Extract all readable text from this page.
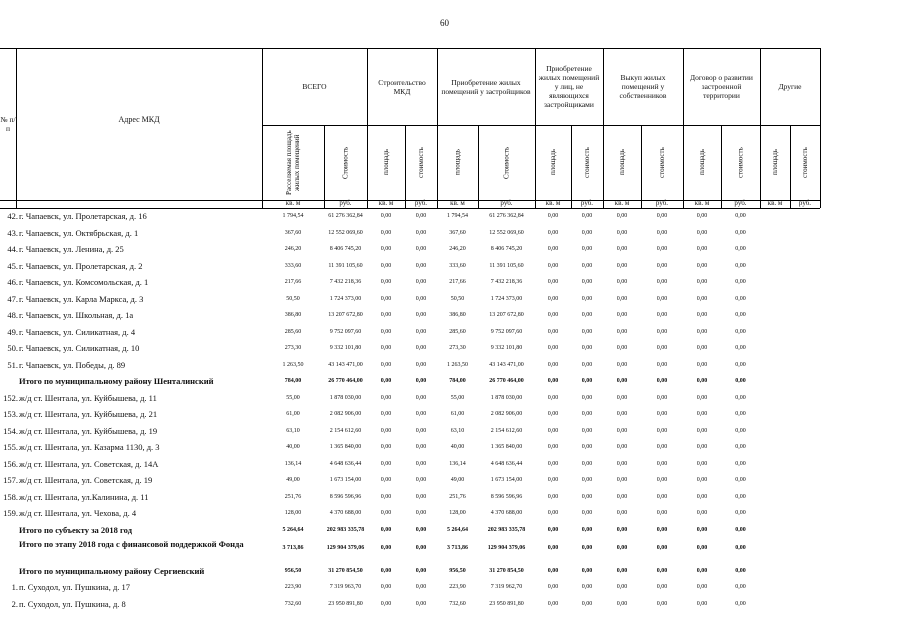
60
№ п/п
Адрес МКД
ВСЕГО	Строительство МКД
Приобретение жилых помещений у застройщиков
Приобретение жилых помещений у лиц, не являющихся застройщиками
Выкуп жилых помещений у собственников
Договор о развитии застроенной территории
Другие
Расселяемая площадь жилых помещений	Стоимость	площадь	стоимость	площадь	Стоимость	площадь	стоимость	площадь	стоимость	площадь	стоимость	площадь	стоимость
кв. м	руб.	кв. м	руб.	кв. м	руб.	кв. м	руб.	кв. м	руб.	кв. м	руб.	кв. м	руб.
42. г. Чапаевск, ул. Пролетарская, д. 16	1 794,54	61 276 362,84	0,00	0,00	1 794,54	61 276 362,84	0,00	0,00	0,00	0,00	0,00	0,00
43. г. Чапаевск, ул. Октябрьская, д. 1	367,60	12 552 069,60	0,00	0,00	367,60	12 552 069,60	0,00	0,00	0,00	0,00	0,00	0,00
44. г. Чапаевск, ул. Ленина, д. 25	246,20	8 406 745,20	0,00	0,00	246,20	8 406 745,20	0,00	0,00	0,00	0,00	0,00	0,00
45. г. Чапаевск, ул. Пролетарская, д. 2	333,60	11 391 105,60	0,00	0,00	333,60	11 391 105,60	0,00	0,00	0,00	0,00	0,00	0,00
46. г. Чапаевск, ул. Комсомольская, д. 1	217,66	7 432 218,36	0,00	0,00	217,66	7 432 218,36	0,00	0,00	0,00	0,00	0,00	0,00
47. г. Чапаевск, ул. Карла Маркса, д. 3	50,50	1 724 373,00	0,00	0,00	50,50	1 724 373,00	0,00	0,00	0,00	0,00	0,00	0,00
48. г. Чапаевск, ул. Школьная, д. 1а	386,80	13 207 672,80	0,00	0,00	386,80	13 207 672,80	0,00	0,00	0,00	0,00	0,00	0,00
49. г. Чапаевск, ул. Силикатная, д. 4	285,60	9 752 097,60	0,00	0,00	285,60	9 752 097,60	0,00	0,00	0,00	0,00	0,00	0,00
50. г. Чапаевск, ул. Силикатная, д. 10	273,30	9 332 101,80	0,00	0,00	273,30	9 332 101,80	0,00	0,00	0,00	0,00	0,00	0,00
51. г. Чапаевск, ул. Победы, д. 89	1 263,50	43 143 471,00	0,00	0,00	1 263,50	43 143 471,00	0,00	0,00	0,00	0,00	0,00	0,00
Итого по муниципальному району Шенталинский	784,00	26 770 464,00	0,00	0,00	784,00	26 770 464,00	0,00	0,00	0,00	0,00	0,00	0,00
152. ж/д ст. Шентала, ул. Куйбышева, д. 11	55,00	1 878 030,00	0,00	0,00	55,00	1 878 030,00	0,00	0,00	0,00	0,00	0,00	0,00
153. ж/д ст. Шентала, ул. Куйбышева, д. 21	61,00	2 082 906,00	0,00	0,00	61,00	2 082 906,00	0,00	0,00	0,00	0,00	0,00	0,00
154. ж/д ст. Шентала, ул. Куйбышева, д. 19	63,10	2 154 612,60	0,00	0,00	63,10	2 154 612,60	0,00	0,00	0,00	0,00	0,00	0,00
155. ж/д ст. Шентала, ул. Казарма 1130, д. 3	40,00	1 365 840,00	0,00	0,00	40,00	1 365 840,00	0,00	0,00	0,00	0,00	0,00	0,00
156. ж/д ст. Шентала, ул. Советская, д. 14А	136,14	4 648 636,44	0,00	0,00	136,14	4 648 636,44	0,00	0,00	0,00	0,00	0,00	0,00
157. ж/д ст. Шентала, ул. Советская, д. 19	49,00	1 673 154,00	0,00	0,00	49,00	1 673 154,00	0,00	0,00	0,00	0,00	0,00	0,00
158. ж/д ст. Шентала, ул.Калинина, д. 11	251,76	8 596 596,96	0,00	0,00	251,76	8 596 596,96	0,00	0,00	0,00	0,00	0,00	0,00
159. ж/д ст. Шентала, ул. Чехова, д. 4	128,00	4 370 688,00	0,00	0,00	128,00	4 370 688,00	0,00	0,00	0,00	0,00	0,00	0,00
Итого по субъекту за 2018 год	5 264,64	202 983 335,78	0,00	0,00	5 264,64	202 983 335,78	0,00	0,00	0,00	0,00	0,00	0,00
Итого по этапу 2018 года с финансовой поддержкой Фонда	3 713,86	129 904 379,06	0,00	0,00	3 713,86	129 904 379,06	0,00	0,00	0,00	0,00	0,00	0,00
Итого по муниципальному району Сергиевский	956,50	31 270 854,50	0,00	0,00	956,50	31 270 854,50	0,00	0,00	0,00	0,00	0,00	0,00
1. п. Суходол, ул. Пушкина, д. 17	223,90	7 319 963,70	0,00	0,00	223,90	7 319 962,70	0,00	0,00	0,00	0,00	0,00	0,00
2. п. Суходол, ул. Пушкина, д. 8	732,60	23 950 891,80	0,00	0,00	732,60	23 950 891,80	0,00	0,00	0,00	0,00	0,00	0,00
